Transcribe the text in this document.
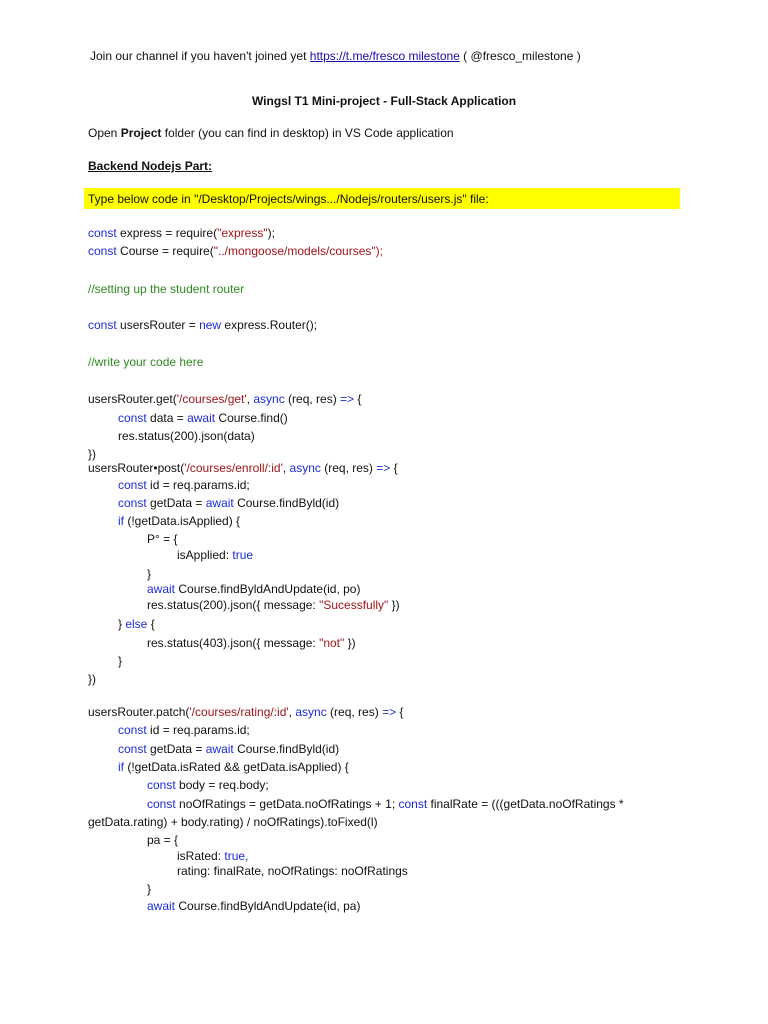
Join our channel if you haven't joined yet https://t.me/fresco milestone ( @fresco_milestone )
Wingsl T1 Mini-project - Full-Stack Application
Open Project folder (you can find in desktop) in VS Code application
Backend Nodejs Part:
Type below code in "/Desktop/Projects/wings.../Nodejs/routers/users.js" file:
const express = require("express");
const Course = require("../mongoose/models/courses");
//setting up the student router
const usersRouter = new express.Router();
//write your code here
usersRouter.get('/courses/get', async (req, res) => {
const data = await Course.find()
res.status(200).json(data)
})
usersRouter•post('/courses/enroll/:id', async (req, res) => {
const id = req.params.id;
const getData = await Course.findByld(id)
if (!getData.isApplied) {
P° = {
isApplied: true
}
await Course.findByldAndUpdate(id, po)
res.status(200).json({ message: "Sucessfully" })
} else {
res.status(403).json({ message: "not" })
}
})
usersRouter.patch('/courses/rating/:id', async (req, res) => {
const id = req.params.id;
const getData = await Course.findByld(id)
if (!getData.isRated && getData.isApplied) {
const body = req.body;
const noOfRatings = getData.noOfRatings + 1; const finalRate = (((getData.noOfRatings *
getData.rating) + body.rating) / noOfRatings).toFixed(l)
pa = {
isRated: true,
rating: finalRate, noOfRatings: noOfRatings
}
await Course.findByldAndUpdate(id, pa)
